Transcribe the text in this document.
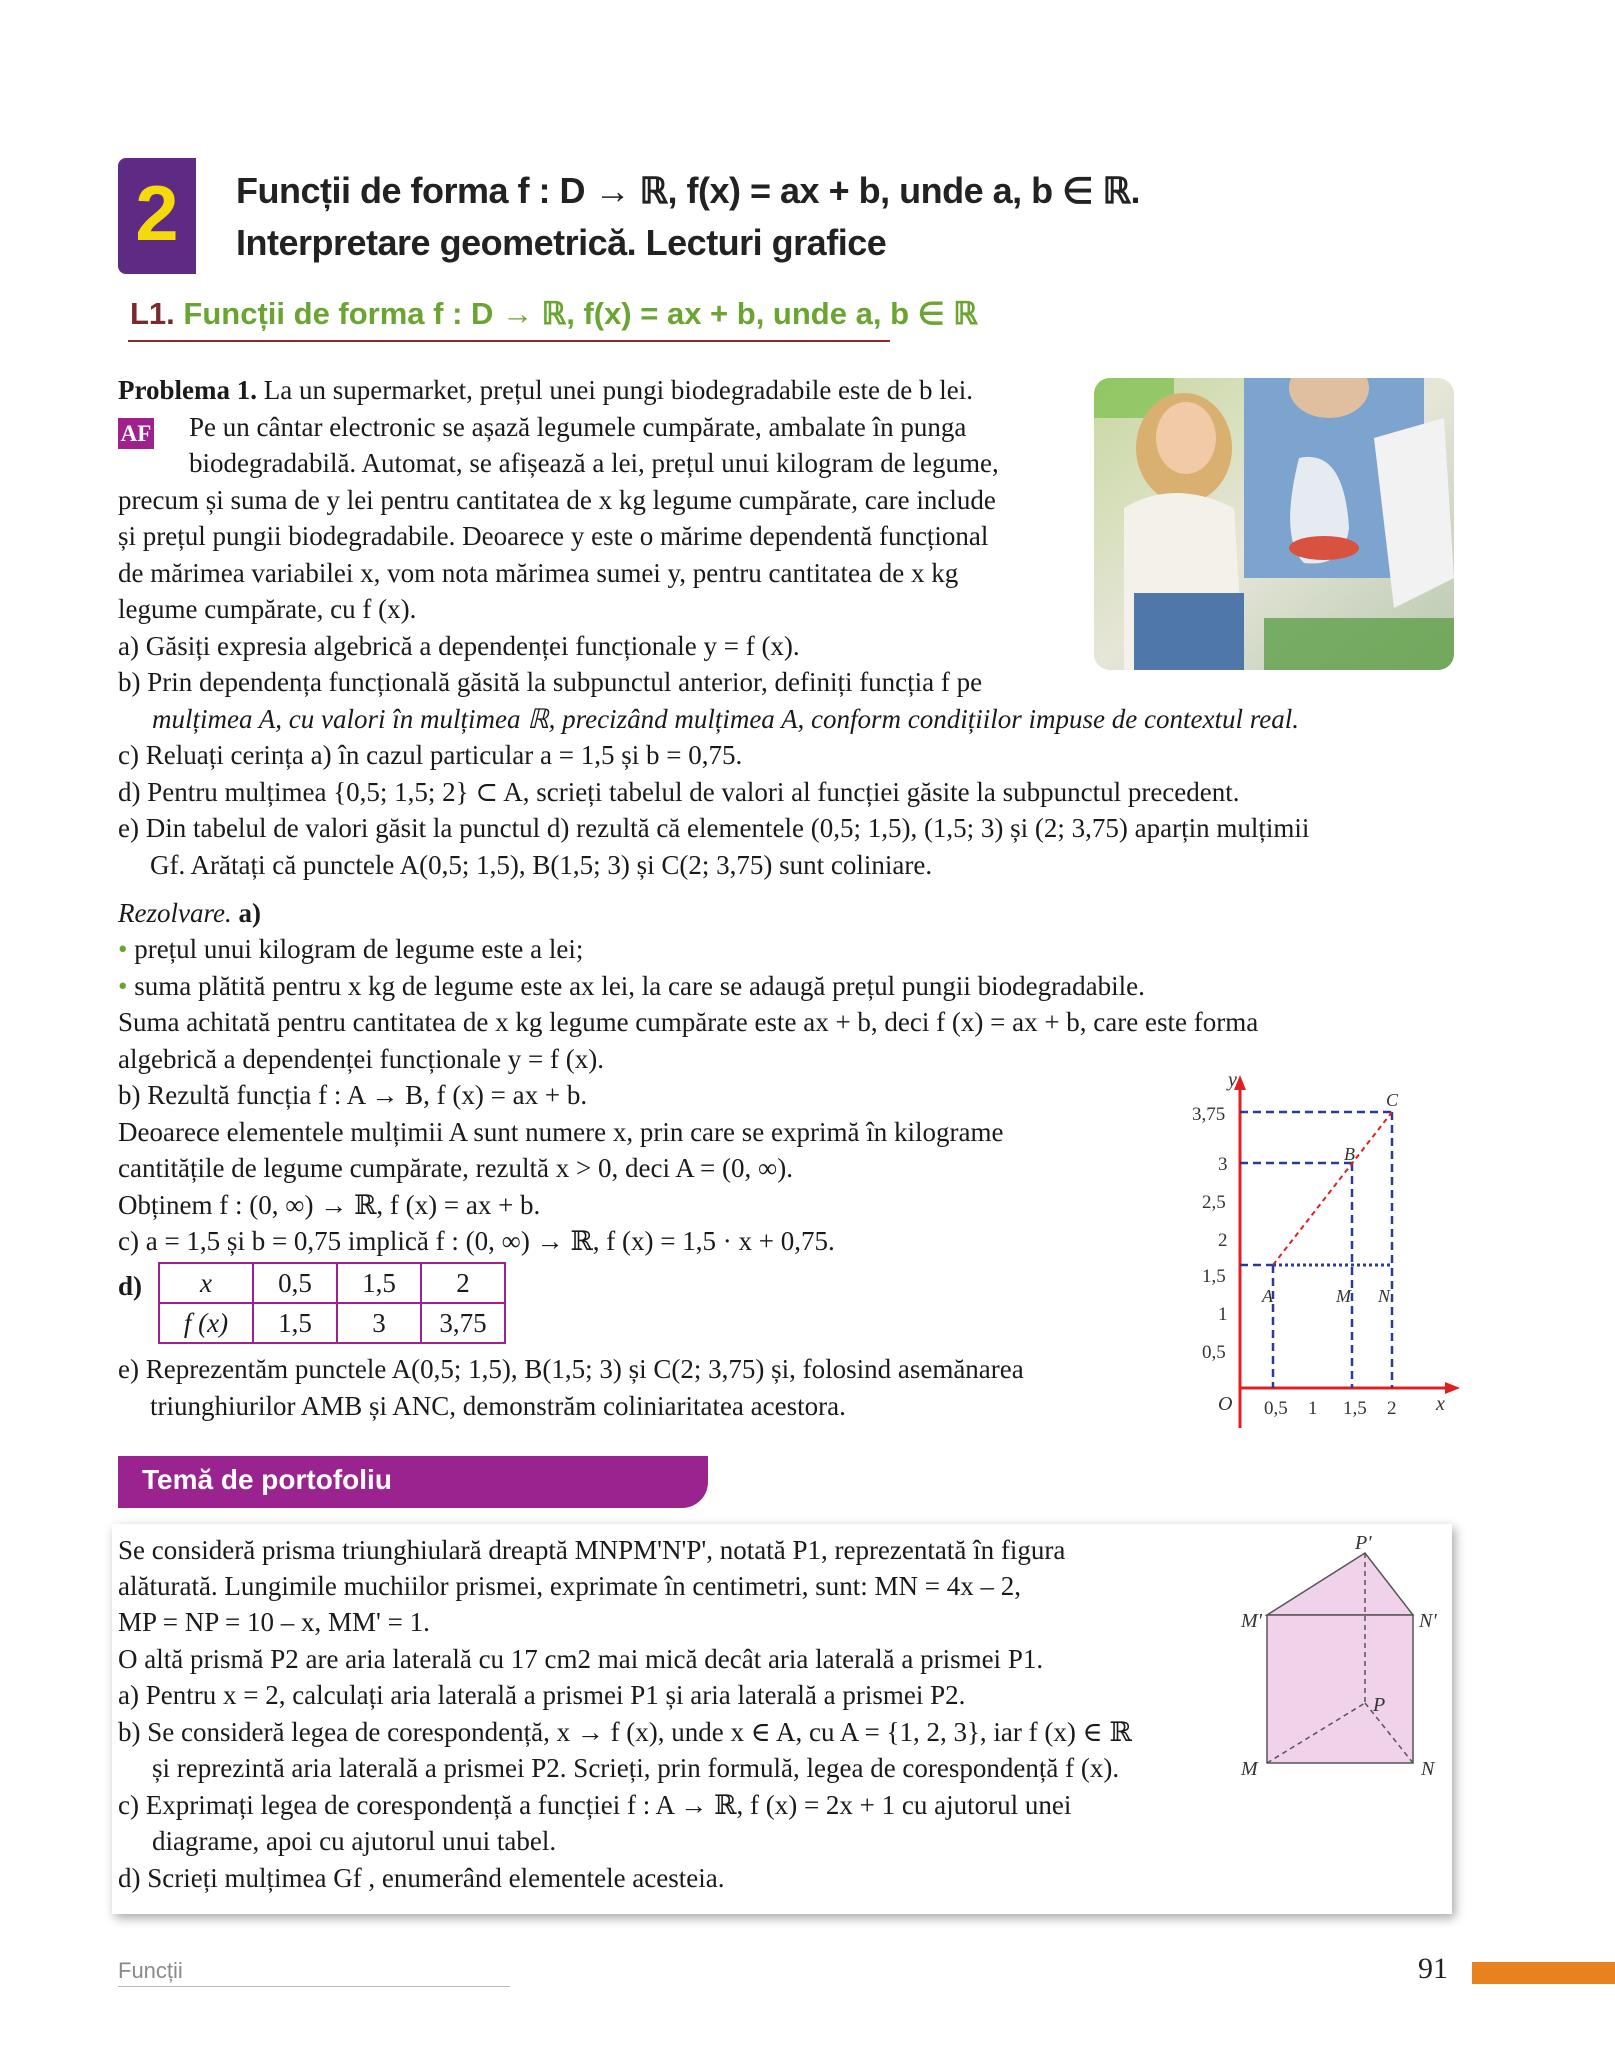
2	Funcții de forma f : D → ℝ, f(x) = ax + b, unde a, b ∈ ℝ.
Interpretare geometrică. Lecturi grafice
L1. Funcții de forma f : D → ℝ, f(x) = ax + b, unde a, b ∈ ℝ
Problema 1. La un supermarket, prețul unei pungi biodegradabile este de b lei.
AF Pe un cântar electronic se așază legumele cumpărate, ambalate în punga
biodegradabilă. Automat, se afișează a lei, prețul unui kilogram de legume,
precum și suma de y lei pentru cantitatea de x kg legume cumpărate, care include
și prețul pungii biodegradabile. Deoarece y este o mărime dependentă funcțional
de mărimea variabilei x, vom nota mărimea sumei y, pentru cantitatea de x kg
legume cumpărate, cu f (x).
a) Găsiți expresia algebrică a dependenței funcționale y = f (x).
b) Prin dependența funcțională găsită la subpunctul anterior, definiți funcția f pe
mulțimea A, cu valori în mulțimea ℝ, precizând mulțimea A, conform condițiilor impuse de contextul real.
c) Reluați cerința a) în cazul particular a = 1,5 și b = 0,75.
d) Pentru mulțimea {0,5; 1,5; 2} ⊂ A, scrieți tabelul de valori al funcției găsite la subpunctul precedent.
e) Din tabelul de valori găsit la punctul d) rezultă că elementele (0,5; 1,5), (1,5; 3) și (2; 3,75) aparțin mulțimii
Gf. Arătați că punctele A(0,5; 1,5), B(1,5; 3) și C(2; 3,75) sunt coliniare.
Rezolvare. a)
• prețul unui kilogram de legume este a lei;
• suma plătită pentru x kg de legume este ax lei, la care se adaugă prețul pungii biodegradabile.
Suma achitată pentru cantitatea de x kg legume cumpărate este ax + b, deci f (x) = ax + b, care este forma
algebrică a dependenței funcționale y = f (x).
b) Rezultă funcția f : A → B, f (x) = ax + b.
Deoarece elementele mulțimii A sunt numere x, prin care se exprimă în kilograme
cantitățile de legume cumpărate, rezultă x > 0, deci A = (0, ∞).
Obținem f : (0, ∞) → ℝ, f (x) = ax + b.
c) a = 1,5 și b = 0,75 implică f : (0, ∞) → ℝ, f (x) = 1,5 · x + 0,75.
d) x	0,5	1,5	2
f (x)	1,5	3	3,75
e) Reprezentăm punctele A(0,5; 1,5), B(1,5; 3) și C(2; 3,75) și, folosind asemănarea
triunghiurilor AMB și ANC, demonstrăm coliniaritatea acestora.
y
x
O
3,75
3
2,5
2
1,5
1
0,5
0,5 1 1,5 2
A	M N
B
C
Temă de portofoliu
Se consideră prisma triunghiulară dreaptă MNPM'N'P', notată P1, reprezentată în figura
alăturată. Lungimile muchiilor prismei, exprimate în centimetri, sunt: MN = 4x – 2,
MP = NP = 10 – x, MM' = 1.
O altă prismă P2 are aria laterală cu 17 cm2 mai mică decât aria laterală a prismei P1.
a) Pentru x = 2, calculați aria laterală a prismei P1 și aria laterală a prismei P2.
b) Se consideră legea de corespondență, x → f (x), unde x ∈ A, cu A = {1, 2, 3}, iar f (x) ∈ ℝ
și reprezintă aria laterală a prismei P2. Scrieți, prin formulă, legea de corespondență f (x).
c) Exprimați legea de corespondență a funcției f : A → ℝ, f (x) = 2x + 1 cu ajutorul unei
diagrame, apoi cu ajutorul unui tabel.
d) Scrieți mulțimea Gf , enumerând elementele acesteia.
P'
M'	N'
P
M	N
Funcții	91
